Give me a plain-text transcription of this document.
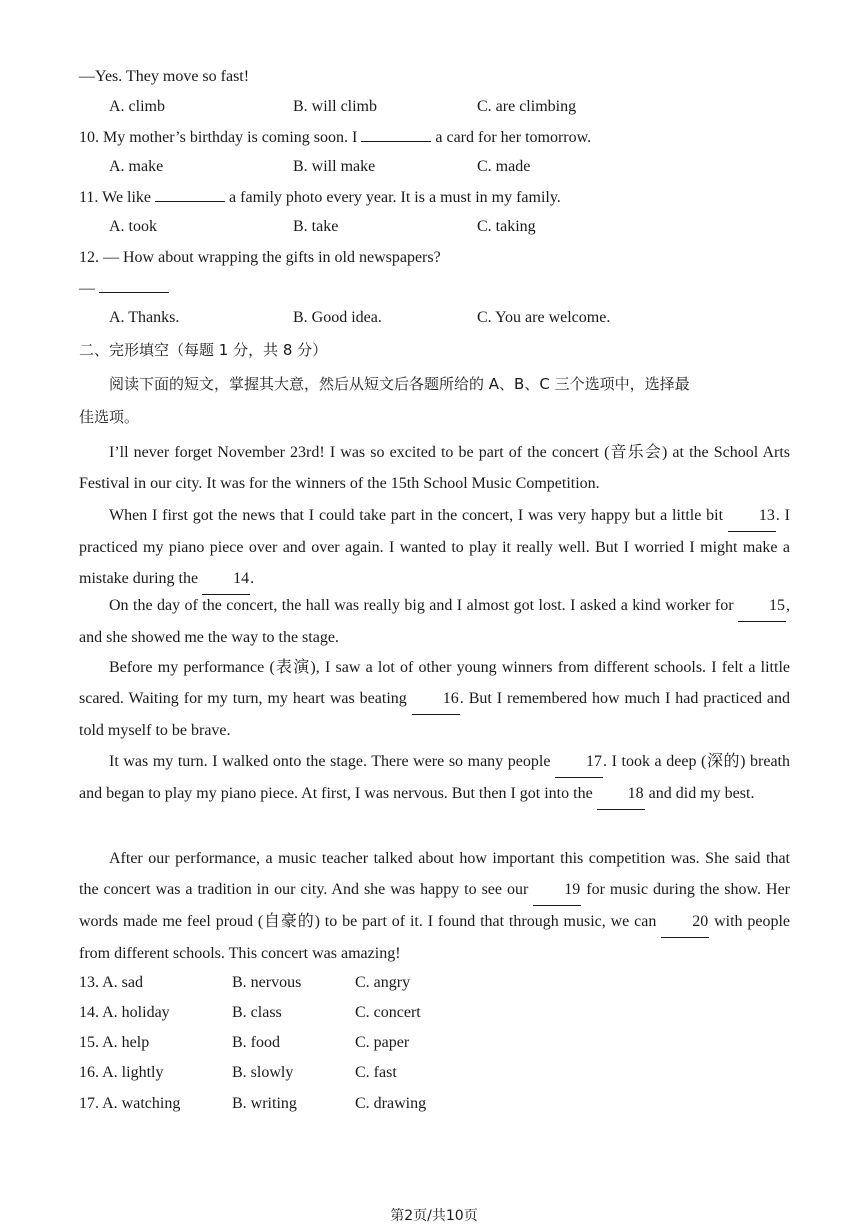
—Yes. They move so fast!
A. climb	B. will climb	C. are climbing
10. My mother’s birthday is coming soon. I	a card for her tomorrow.
A. make	B. will make	C. made
11. We like	a family photo every year. It is a must in my family.
A. took	B. take	C. taking
12. — How about wrapping the gifts in old newspapers?
—
A. Thanks.	B. Good idea.	C. You are welcome.
二、完形填空（每题 1 分，共 8 分）
阅读下面的短文，掌握其大意，然后从短文后各题所给的 A、B、C 三个选项中，选择最
佳选项。
I’ll never forget November 23rd! I was so excited to be part of the concert (音乐会) at the School Arts Festival in our city. It was for the winners of the 15th School Music Competition.
When I first got the news that I could take part in the concert, I was very happy but a little bit 13. I practiced my piano piece over and over again. I wanted to play it really well. But I worried I might make a mistake during the 14.
On the day of the concert, the hall was really big and I almost got lost. I asked a kind worker for 15, and she showed me the way to the stage.
Before my performance (表演), I saw a lot of other young winners from different schools. I felt a little scared. Waiting for my turn, my heart was beating 16. But I remembered how much I had practiced and told myself to be brave.
It was my turn. I walked onto the stage. There were so many people 17. I took a deep (深的) breath and began to play my piano piece. At first, I was nervous. But then I got into the 18 and did my best.
After our performance, a music teacher talked about how important this competition was. She said that the concert was a tradition in our city. And she was happy to see our 19 for music during the show. Her words made me feel proud (自豪的) to be part of it. I found that through music, we can 20 with people from different schools. This concert was amazing!
13. A. sad	B. nervous	C. angry
14. A. holiday	B. class	C. concert
15. A. help	B. food	C. paper
16. A. lightly	B. slowly	C. fast
17. A. watching	B. writing	C. drawing
第2页/共10页
